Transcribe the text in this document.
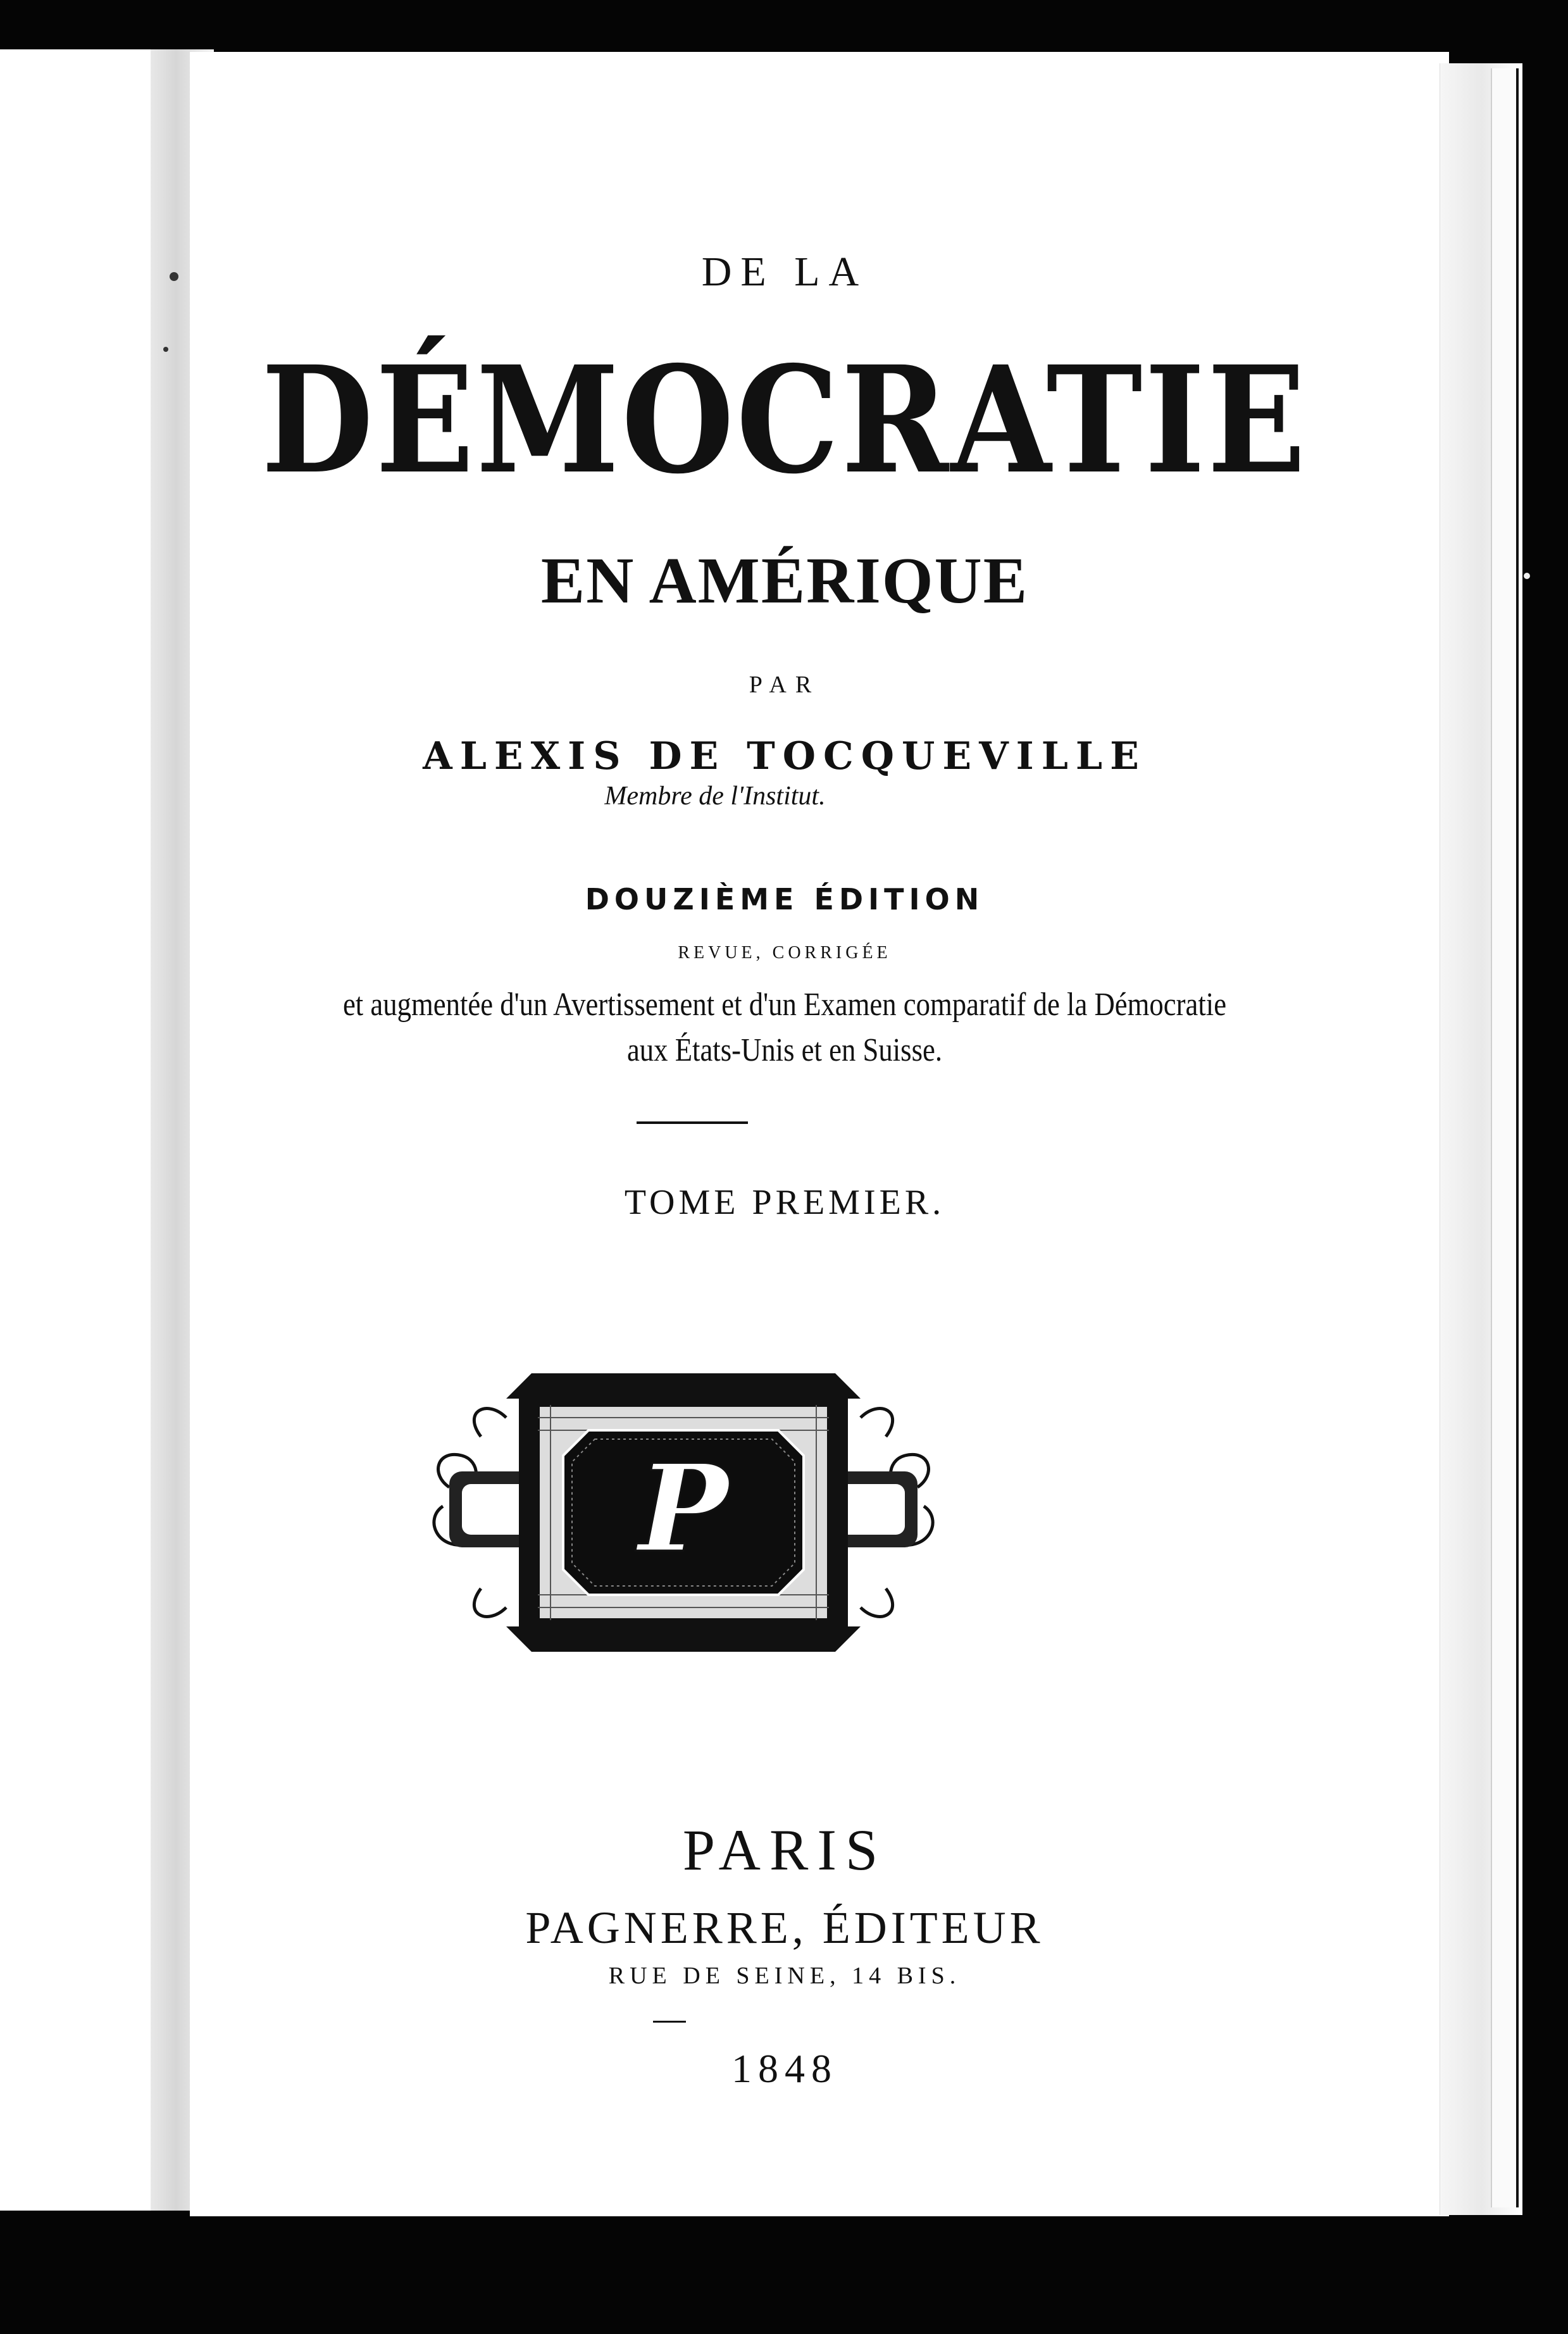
DE LA
DÉMOCRATIE
EN AMÉRIQUE
PAR
ALEXIS DE TOCQUEVILLE
Membre de l'Institut.
DOUZIÈME ÉDITION
REVUE, CORRIGÉE
et augmentée d'un Avertissement et d'un Examen comparatif de la Démocratie
aux États-Unis et en Suisse.
TOME PREMIER.
P
PARIS
PAGNERRE, ÉDITEUR
RUE DE SEINE, 14 BIS.
1848
